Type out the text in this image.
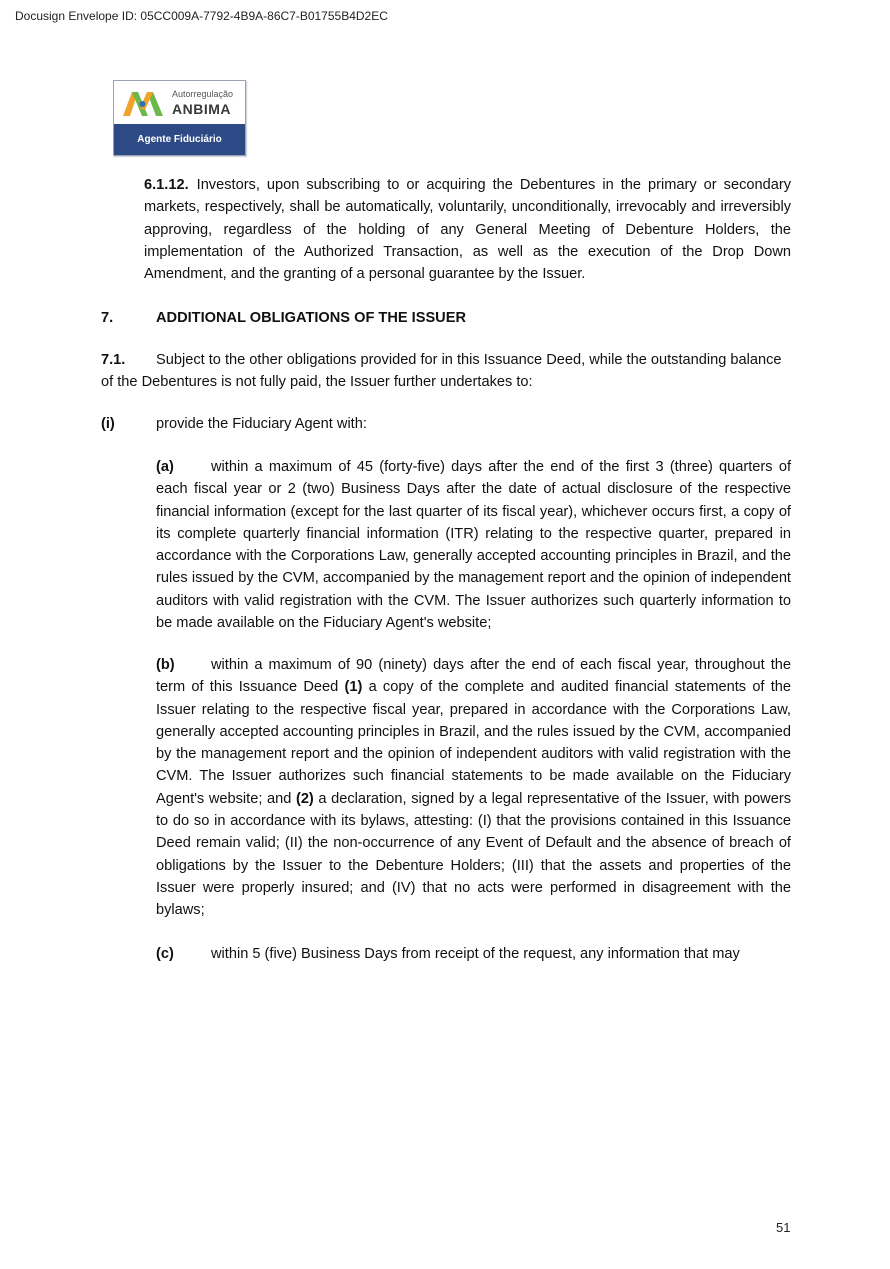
Docusign Envelope ID: 05CC009A-7792-4B9A-86C7-B01755B4D2EC
Autorregulação
ANBIMA
Agente Fiduciário
6.1.12. Investors, upon subscribing to or acquiring the Debentures in the primary or secondary markets, respectively, shall be automatically, voluntarily, unconditionally, irrevocably and irreversibly approving, regardless of the holding of any General Meeting of Debenture Holders, the implementation of the Authorized Transaction, as well as the execution of the Drop Down Amendment, and the granting of a personal guarantee by the Issuer.
7.	ADDITIONAL OBLIGATIONS OF THE ISSUER
7.1. Subject to the other obligations provided for in this Issuance Deed, while the outstanding balance of the Debentures is not fully paid, the Issuer further undertakes to:
(i)	provide the Fiduciary Agent with:
(a)	within a maximum of 45 (forty-five) days after the end of the first 3 (three) quarters of each fiscal year or 2 (two) Business Days after the date of actual disclosure of the respective financial information (except for the last quarter of its fiscal year), whichever occurs first, a copy of its complete quarterly financial information (ITR) relating to the respective quarter, prepared in accordance with the Corporations Law, generally accepted accounting principles in Brazil, and the rules issued by the CVM, accompanied by the management report and the opinion of independent auditors with valid registration with the CVM. The Issuer authorizes such quarterly information to be made available on the Fiduciary Agent's website;
(b) within a maximum of 90 (ninety) days after the end of each fiscal year, throughout the term of this Issuance Deed (1) a copy of the complete and audited financial statements of the Issuer relating to the respective fiscal year, prepared in accordance with the Corporations Law, generally accepted accounting principles in Brazil, and the rules issued by the CVM, accompanied by the management report and the opinion of independent auditors with valid registration with the CVM. The Issuer authorizes such financial statements to be made available on the Fiduciary Agent's website; and (2) a declaration, signed by a legal representative of the Issuer, with powers to do so in accordance with its bylaws, attesting: (I) that the provisions contained in this Issuance Deed remain valid; (II) the non-occurrence of any Event of Default and the absence of breach of obligations by the Issuer to the Debenture Holders; (III) that the assets and properties of the Issuer were properly insured; and (IV) that no acts were performed in disagreement with the bylaws;
(c)	within 5 (five) Business Days from receipt of the request, any information that may
51
